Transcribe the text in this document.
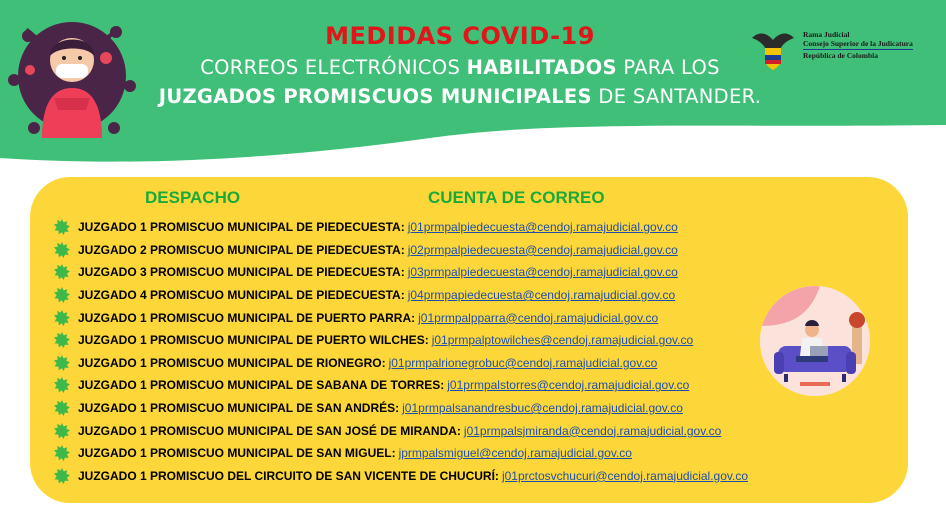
MEDIDAS COVID-19
CORREOS ELECTRÓNICOS HABILITADOS PARA LOS
JUZGADOS PROMISCUOS MUNICIPALES DE SANTANDER.
Rama Judicial
Consejo Superior de la Judicatura
República de Colombia
DESPACHO	CUENTA DE CORREO
JUZGADO 1 PROMISCUO MUNICIPAL DE PIEDECUESTA: j01prmpalpiedecuesta@cendoj.ramajudicial.gov.co
JUZGADO 2 PROMISCUO MUNICIPAL DE PIEDECUESTA: j02prmpalpiedecuesta@cendoj.ramajudicial.gov.co
JUZGADO 3 PROMISCUO MUNICIPAL DE PIEDECUESTA: j03prmpalpiedecuesta@cendoj.ramajudicial.gov.co
JUZGADO 4 PROMISCUO MUNICIPAL DE PIEDECUESTA: j04prmpapiedecuesta@cendoj.ramajudicial.gov.co
JUZGADO 1 PROMISCUO MUNICIPAL DE PUERTO PARRA: j01prmpalpparra@cendoj.ramajudicial.gov.co
JUZGADO 1 PROMISCUO MUNICIPAL DE PUERTO WILCHES: j01prmpalptowilches@cendoj.ramajudicial.gov.co
JUZGADO 1 PROMISCUO MUNICIPAL DE RIONEGRO: j01prmpalrionegrobuc@cendoj.ramajudicial.gov.co
JUZGADO 1 PROMISCUO MUNICIPAL DE SABANA DE TORRES: j01prmpalstorres@cendoj.ramajudicial.gov.co
JUZGADO 1 PROMISCUO MUNICIPAL DE SAN ANDRÉS: j01prmpalsanandresbuc@cendoj.ramajudicial.gov.co
JUZGADO 1 PROMISCUO MUNICIPAL DE SAN JOSÉ DE MIRANDA: j01prmpalsjmiranda@cendoj.ramajudicial.gov.co
JUZGADO 1 PROMISCUO MUNICIPAL DE SAN MIGUEL: jprmpalsmiguel@cendoj.ramajudicial.gov.co
JUZGADO 1 PROMISCUO DEL CIRCUITO DE SAN VICENTE DE CHUCURÍ: j01prctosvchucuri@cendoj.ramajudicial.gov.co
